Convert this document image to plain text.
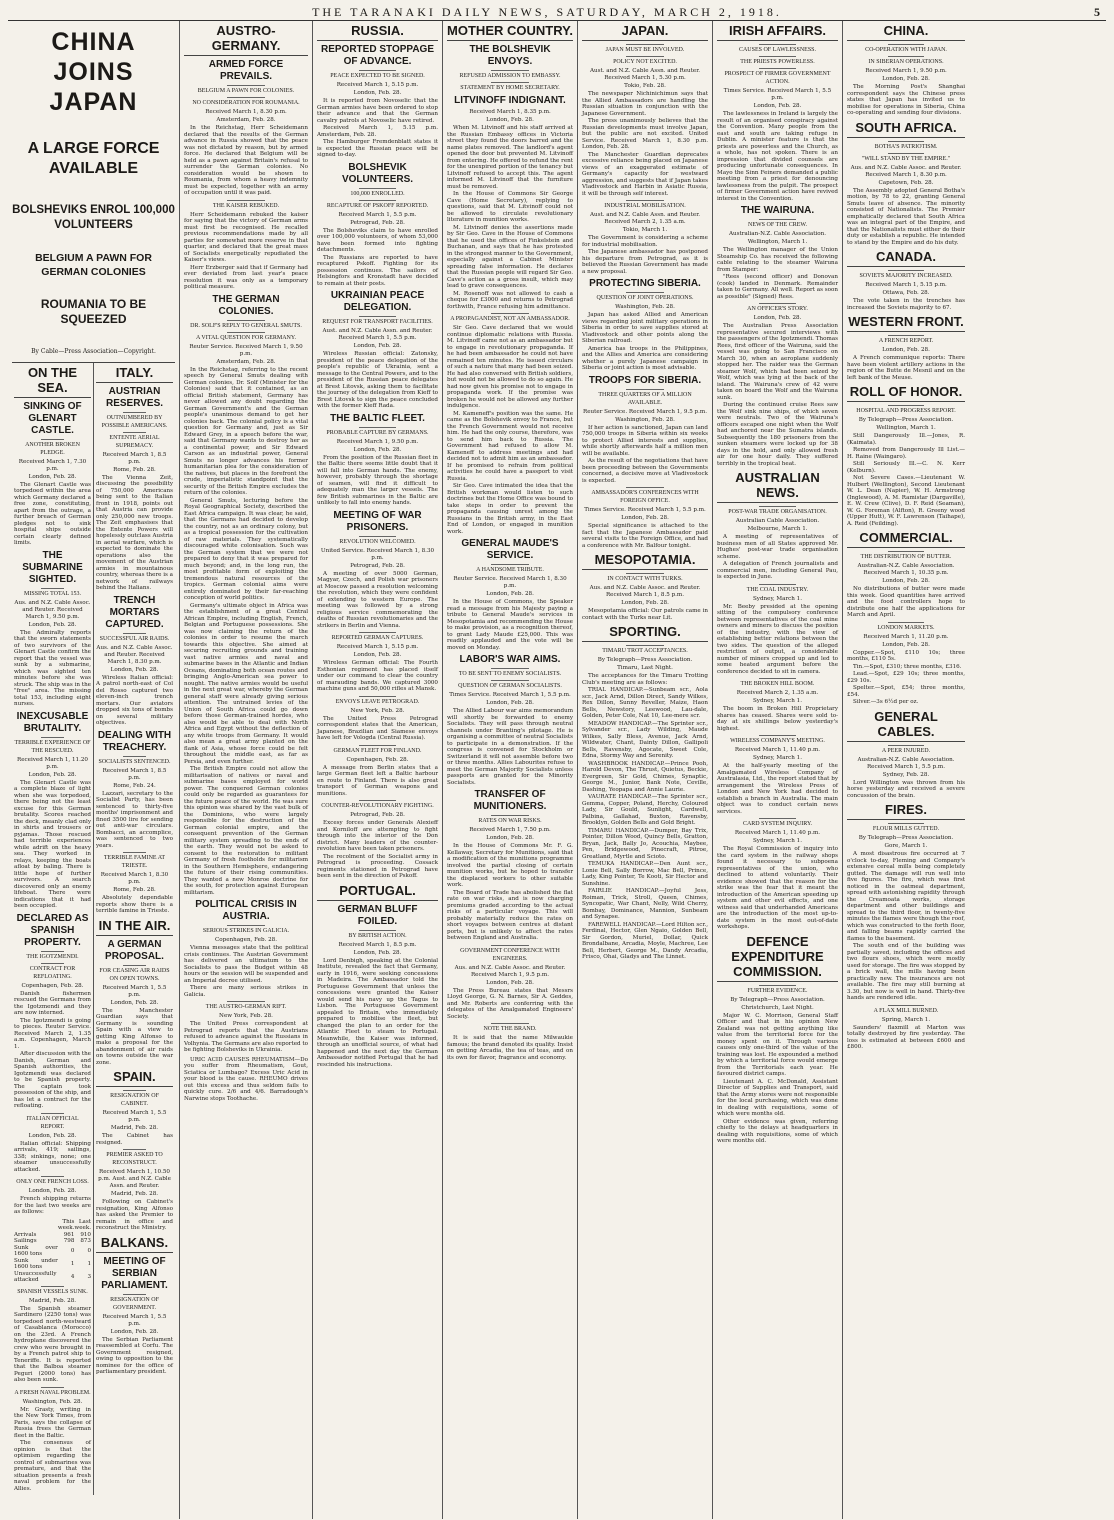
THE TARANAKI DAILY NEWS, SATURDAY, MARCH 2, 1918.	5
CHINA JOINS JAPAN
A LARGE FORCE AVAILABLE
BOLSHEVIKS ENROL 100,000 VOLUNTEERS
BELGIUM A PAWN FOR GERMAN COLONIES
ROUMANIA TO BE SQUEEZED
By Cable—Press Association—Copyright.
ON THE SEA.
SINKING OF GLENART CASTLE.
ANOTHER BROKEN PLEDGE.
Received March 1, 7.30 p.m.
London, Feb. 28.

The Glenart Castle was torpedoed within the area which Germany declared a free zone, constituting, apart from the outrage, a further breach of German pledges not to sink hospital ships outside certain clearly defined limits.

THE SUBMARINE SIGHTED.
MISSING TOTAL 153.
Aus. and N.Z. Cable Assoc. and Reuter. Received March 1, 9.50 p.m.
London, Feb. 28.

The Admiralty reports that the sworn statements of two survivors of the Glenart Castle confirm the report that the vessel was sunk by a submarine, which was sighted ten minutes before she was struck. The ship was in the "free" area. The missing total 153, including eight nurses.

INEXCUSABLE BRUTALITY.
TERRIBLE EXPERIENCE OF THE RESCUED.
Received March 1, 11.20 p.m.
London, Feb. 28.

The Glenart Castle was a complete blaze of light when she was torpedoed, there being not the least excuse for this German brutality. Scores reached the deck, meanly clad only in shirts and trousers or pyjamas. Those rescued had terrible experiences while adrift on the heavy sea. They worked in relays, keeping the boats afloat by baling. There is little hope of further survivors. A search discovered only an enemy lifeboat. There were indications that it had been occupied.

DECLARED AS SPANISH PROPERTY.
THE IGOTZMENDI.
CONTRACT FOR REFLOATING.
Copenhagen, Feb. 28.

Danish fishermen rescued the Germans from the Igotzmendi and they are now interned.

The Igotzmendi is going to pieces. Reuter Service. Received March 2, 1.35 a.m. Copenhagen, March 1.

After discussion with the Danish, German and Spanish authorities, the Igotzmendi was declared to be Spanish property. The captain took possession of the ship, and has let a contract for the refloating.

ITALIAN OFFICIAL REPORT.
London, Feb. 28.

Italian official: Shipping arrivals, 419; sailings, 338; sinkings, none; one steamer unsuccessfully attacked.

ONLY ONE FRENCH LOSS.
London, Feb. 28.

French shipping returns for the last two weeks are as follows:

	This week.	Last week.
Arrivals	961	910
Sailings	798	873
Sunk over 1600 tons	0	0
Sunk under 1600 tons	1	1
Unsuccessfully attacked	4	3
SPANISH VESSELS SUNK.
Madrid, Feb. 28.

The Spanish steamer Sardinero (2250 tons) was torpedoed north-westward of Casablanca (Morocco) on the 23rd. A French hydroplane discovered the crew who were brought in by a French patrol ship to Teneriffe. It is reported that the Balboa steamer Peguri (2000 tons) has also been sunk.

A FRESH NAVAL PROBLEM.
Washington, Feb. 28.

Mr. Grasty, writing in the New York Times, from Paris, says the collapse of Russia frees the German fleet in the Baltic.

The consensus of opinion is that the optimism regarding the control of submarines was premature, and that the situation presents a fresh naval problem for the Allies.

ITALY.
AUSTRIAN RESERVES.
OUTNUMBERED BY POSSIBLE AMERICANS.
ENTENTE AERIAL SUPREMACY.
Received March 1, 8.5 p.m.
Rome, Feb. 28.

The Vienna Zeit, discussing the possibility of 750,000 Americans being sent to the Italian front in 1918, points out that Austria can provide only 250,000 new troops. The Zeit emphasises that the Entente Powers will hopelessly outclass Austria in aerial warfare, which is expected to dominate the operations also the movement of the Austrian armies in mountainous country, whereas there is a network of railways behind the Italians.

TRENCH MORTARS CAPTURED.
SUCCESSFUL AIR RAIDS.
Aus. and N.Z. Cable Assoc. and Reuter. Received March 1, 8.30 p.m.
London, Feb. 28.

Wireless Italian official: A patrol north-east of Col del Rosso captured two eleven-inch trench mortars. Our aviators dropped six tons of bombs on several military objectives.

DEALING WITH TREACHERY.
SOCIALISTS SENTENCED.
Received March 1, 8.5 p.m.
Rome, Feb. 24.

Lazzari, secretary to the Socialist Party, has been sentenced to thirty-five months' imprisonment and fined 3500 lire for sending out anti-war circulars. Bombacci, an accomplice, was sentenced to two years.

TERRIBLE FAMINE AT TRIESTE.
Received March 1, 8.30 p.m.
Rome, Feb. 28.

Absolutely dependable reports show there is a terrible famine in Trieste.

IN THE AIR.
A GERMAN PROPOSAL.
FOR CEASING AIR RAIDS ON OPEN TOWNS.
Received March 1, 5.5 p.m.
London, Feb. 28.

The Manchester Guardian says that Germany is sounding Spain with a view to getting King Alfonso to make a proposal for the abandonment of air raids on towns outside the war zone.

SPAIN.
RESIGNATION OF CABINET.
Received March 1, 5.5 p.m.
Madrid, Feb. 28.

The Cabinet has resigned.

PREMIER ASKED TO RECONSTRUCT.
Received March 1, 10.50 p.m. Aust. and N.Z. Cable Assn. and Reuter.
Madrid, Feb. 28.

Following on Cabinet's resignation, King Alfonso has asked the Premier to remain in office and reconstruct the Ministry.

BALKANS.
MEETING OF SERBIAN PARLIAMENT.
RESIGNATION OF GOVERNMENT.
Received March 1, 5.5 p.m.
London, Feb. 28.

The Serbian Parliament reassembled at Corfu. The Government resigned, owing to opposition to the nominee for the office of parliamentary president.

AUSTRO-GERMANY.
ARMED FORCE PREVAILS.
BELGIUM A PAWN FOR COLONIES.
NO CONSIDERATION FOR ROUMANIA.
Received March 1, 8.30 p.m.
Amsterdam, Feb. 28.

In the Reichstag, Herr Scheidemann declared that the results of the German advance in Russia showed that the peace was not dictated by reason, but by armed force. He declared that Belgium will be held as a pawn against Britain's refusal to surrender the German colonies. No consideration would be shown to Roumania, from whom a heavy indemnity must be expected, together with an army of occupation until it was paid.

THE KAISER REBUKED.

Herr Scheidemann rebuked the kaiser for saying that the victory of German arms must first be recognised. He recalled previous recommendations made by all parties for somewhat more reserve in that quarter, and declared that the great mass of Socialists energetically repudiated the Kaiser's views.

Herr Erzberger said that if Germany had ever deviated from last year's peace resolution it was only as a temporary political measure.

THE GERMAN COLONIES.
DR. SOLF'S REPLY TO GENERAL SMUTS.
A VITAL QUESTION FOR GERMANY.
Reuter Service. Received March 1, 9.50 p.m.
Amsterdam, Feb. 28.

In the Reichstag, referring to the recent speech by General Smuts dealing with German colonies, Dr. Solf (Minister for the Colonies) said that it contained, as an official British statement, Germany has never allowed any doubt regarding the German Government's and the German people's unanimous demand to get her colonies back. The colonial policy is a vital question for Germany and, just as Sir Edward Grey, in a speech before the war, said that Germany wants to destroy her as a continental power, and Sir Edward Carson as an industrial power, General Smuts no longer advances his former humanitarian plea for the consideration of the natives, but places in the forefront the crude, imperialistic standpoint that the security of the British Empire excludes the return of the colonies.

General Smuts, lecturing before the Royal Geographical Society, described the East Africa campaign. It was clear, he said, that the Germans had decided to develop the country, not as an ordinary colony, but as a tropical possession for the cultivation of raw materials. They systematically discouraged white colonisation. Such was the German system that we were not prepared to deny that it was prepared for much beyond; and, in the long run, the most profitable form of exploiting the tremendous natural resources of the tropics. German colonial aims were entirely dominated by their far-reaching conception of world politics.

Germany's ultimate object in Africa was the establishment of a great Central African Empire, including English, French, Belgian and Portuguese possessions. She was now claiming the return of the colonies in order to resume the march towards this objective. She aimed at securing recruiting grounds and training vast native armies and naval and submarine bases in the Atlantic and Indian Oceans, dominating both ocean routes and bringing Anglo-American sea power to nought. The native armies would be useful in the next great war, whereby the German general staff were already giving serious attention. The untrained levies of the Union of South Africa could go down before those German-trained hordes, who also would be able to deal with North Africa and Egypt without the deflection of any white troops from Germany. It would also mean a great army planted on the flank of Asia, whose force could be felt throughout the middle east, as far as Persia, and even further.

The British Empire could not allow the militarisation of natives or naval and submarine bases employed for world power. The conquered German colonies could only be regarded as guarantees for the future peace of the world. He was sure this opinion was shared by the vast bulk of the Dominions, who were largely responsible for the destruction of the German colonial empire, and the consequent prevention of the German military system spreading to the ends of the earth. They would not be asked to consent to the restoration to militant Germany of fresh footholds for militarism in the Southern Hemisphere, endangering the future of their rising communities. They wanted a new Monroe doctrine for the south, for protection against European militarism.

POLITICAL CRISIS IN AUSTRIA.
SERIOUS STRIKES IN GALICIA.
Copenhagen, Feb. 28.

Vienna messages state that the political crisis continues. The Austrian Government has delivered an ultimatum to the Socialists to pass the Budget within 48 hours or the session will be suspended and an Imperial decree utilised.

There are many serious strikes in Galicia.

THE AUSTRO-GERMAN RIFT.
New York, Feb. 28.

The United Press correspondent at Petrograd reports that the Austrians refused to advance against the Russians in Volhynia. The Germans are also reported to be fighting Bolsheviks in Ukrainia.

URIC ACID CAUSES RHEUMATISM—Do you suffer from Rheumatism, Gout, Sciatica or Lumbago? Excess Uric Acid in your blood is the cause. RHEUMO drives out this excess and thus seldom fails to quickly cure. 2/6 and 4/6. Barradough's Narwine stops Toothache.

RUSSIA.
REPORTED STOPPAGE OF ADVANCE.
PEACE EXPECTED TO BE SIGNED.
Received March 1, 5.15 p.m.
London, Feb. 28.

It is reported from Novoselic that the German armies have been ordered to stop their advance and that the German cavalry patrols at Novoselic have retired.

Received March 1, 5.15 p.m. Amsterdam, Feb. 28.

The Hamburger Fremdenblatt states it is expected the Russian peace will be signed to-day.

BOLSHEVIK VOLUNTEERS.
100,000 ENROLLED.
RECAPTURE OF PSKOFF REPORTED.
Received March 1, 5.5 p.m.
Petrograd, Feb. 28.

The Bolsheviks claim to have enrolled over 100,000 volunteers, of whom 53,000 have been formed into fighting detachments.

The Russians are reported to have recaptured Pskoff. Fighting for its possession continues. The sailors of Helsingfors and Kronstadt have decided to remain at their posts.

UKRAINIAN PEACE DELEGATION.
REQUEST FOR TRANSPORT FACILITIES.
Aust. and N.Z. Cable Assn. and Reuter. Received March 1, 5.5 p.m.
London, Feb. 28.

Wireless Russian official: Zatonsky, president of the peace delegation of the people's republic of Ukrainia, sent a message to the Central Powers, and to the president of the Russian peace delegates at Brest Litovsk, asking them to facilitate the journey of the delegation from Kieff to Brest Litovsk to sign the peace concluded with the former Kieff Rada.

THE BALTIC FLEET.
PROBABLE CAPTURE BY GERMANS.
Received March 1, 9.50 p.m.
London, Feb. 28.

From the position of the Russian fleet in the Baltic there seems little doubt that it will fall into German hands. The enemy, however, probably through the shortage of seamen, will find it difficult to adequately man the larger vessels. The few British submarines in the Baltic are unlikely to fall into enemy hands.

MEETING OF WAR PRISONERS.
REVOLUTION WELCOMED.
United Service. Received March 1, 8.30 p.m.
Petrograd, Feb. 28.

A meeting of over 5000 German, Magyar, Czech, and Polish war prisoners at Moscow passed a resolution welcoming the revolution, which they were confident of extending to western Europe. The meeting was followed by a strong religious service commemorating the deaths of Russian revolutionaries and the strikers in Berlin and Vienna.

REPORTED GERMAN CAPTURES.
Received March 1, 5.15 p.m.
London, Feb. 28.

Wireless German official: The Fourth Esthonian regiment has placed itself under our command to clear the country of marauding bands. We captured 3000 machine guns and 50,000 rifles at Mansk.

ENVOYS LEAVE PETROGRAD.
New York, Feb. 28.

The United Press Petrograd correspondent states that the American, Japanese, Brazilian and Siamese envoys have left for Vologda (Central Russia).

GERMAN FLEET FOR FINLAND.
Copenhagen, Feb. 28.

A message from Berlin states that a large German fleet left a Baltic harbour en route to Finland. There is also great transport of German weapons and munitions.

COUNTER-REVOLUTIONARY FIGHTING.
Petrograd, Feb. 28.

Excesy forces under Generals Alexieff and Korniloff are attempting to fight through into the interior of the Don district. Many leaders of the counter-revolution have been taken prisoners.

The recolment of the Socialist army in Petrograd is proceeding. Cossack regiments stationed in Petrograd have been sent in the direction of Pskoff.

PORTUGAL.
GERMAN BLUFF FOILED.
BY BRITISH ACTION.
Received March 1, 8.5 p.m.
London, Feb. 28.

Lord Denbigh, speaking at the Colonial Institute, revealed the fact that Germany, early in 1916, were seeking concessions in Madeira. The Ambassador told the Portuguese Government that unless the concessions were granted the Kaiser would send his navy up the Tagus to Lisbon. The Portuguese Government appealed to Britain, who immediately prepared to mobilise the fleet, but changed the plan to an order for the Atlantic Fleet to steam to Portugal. Meanwhile, the Kaiser was informed, through an unofficial source, of what had happened and the next day the German Ambassador notified Portugal that he had rescinded his instructions.

MOTHER COUNTRY.
THE BOLSHEVIK ENVOYS.
REFUSED ADMISSION TO EMBASSY.
STATEMENT BY HOME SECRETARY.
LITVINOFF INDIGNANT.
Received March 1, 8.35 p.m.
London, Feb. 28.

When M. Litvinoff and his staff arrived at the Russian Embassy offices in Victoria street they found the doors barred and the name plates removed. The landlord's agent opened the door but prevented M. Litvinoff from entering. He offered to refund the rent for the unexpired portion of the tenancy but Litvinoff refused to accept this. The agent informed M. Litvinoff that the furniture must be removed.

In the House of Commons Sir George Cave (Home Secretary), replying to questions, said that M. Litvinoff could not be allowed to circulate revolutionary literature in munition works.

M. Litvinoff denies the assertions made by Sir Geo. Cave in the House of Commons that he used the offices of Finkelstein and Buchanan, and says that he has protested in the strongest manner to the Government, especially against a Cabinet Minister spreading false information. He declares that the Russian people will regard Sir Geo. Cave's action as a gross insult, which may lead to grave consequences.

M. Rosenoff was not allowed to cash a cheque for £3000 and returns to Petrograd forthwith, France refusing him admittance.

A PROPAGANDIST, NOT AN AMBASSADOR.

Sir Geo. Cave declared that we would continue diplomatic relations with Russia. M. Litvinoff came not as an ambassador but to engage in revolutionary propaganda. If he had been ambassador he could not have remained ten minutes. He issued circulars of such a nature that many had been seized. He had also conversed with British soldiers, but would not be allowed to do so again. He had now given his promise not to engage in propaganda work. If the promise was broken he would not be allowed any further indulgence.

M. Kameneff's position was the same. He came as the Bolshevik envoy to France, but the French Government would not receive him. He had the only course, therefore, was to send him back to Russia. The Government had refused to allow M. Kameneff to address meetings and had decided not to admit him as an ambassador. If he promised to refrain from political activities he could have a passport to visit Russia.

Sir Geo. Cave intimated the idea that the British workman would listen to such doctrines but the Home Office was bound to take steps in order to prevent the propaganda causing unrest among the Russians in the British army, in the East End of London, or engaged in munition work.

GENERAL MAUDE'S SERVICE.
A HANDSOME TRIBUTE.
Reuter Service. Received March 1, 8.30 p.m.
London, Feb. 28.

In the House of Commons, the Speaker read a message from his Majesty paying a tribute to General Maude's services in Mesopotamia and recommending the House to make provision, as a recognition thereof, to grant Lady Maude £25,000. This was readily applauded and the vote will be moved on Monday.

LABOR'S WAR AIMS.
TO BE SENT TO ENEMY SOCIALISTS.
QUESTION OF GERMAN SOCIALISTS.
Times Service. Received March 1, 5.5 p.m.
London, Feb. 28.

The Allied Labour war aims memorandum will shortly be forwarded to enemy Socialists. They will pass through neutral channels under Branting's pilotage. He is organising a committee of neutral Socialists to participate in a demonstration. If the congress is convened for Stockholm or Switzerland it will not assemble before two or three months. Allies Labourites refuse to meet the German Majority Socialists unless passports are granted for the Minority Socialists.

TRANSFER OF MUNITIONERS.
RATES ON WAR RISKS.
Received March 1, 7.50 p.m.
London, Feb. 28.

In the House of Commons Mr. F. G. Kellaway, Secretary for Munitions, said that a modification of the munitions programme involved the partial closing of certain munition works, but he hoped to transfer the displaced workers to other suitable work.

The Board of Trade has abolished the flat rate on war risks, and is now charging premiums graded according to the actual risks of a particular voyage. This will probably materially reduce the rates on short voyages between centres at distant ports, but is unlikely to affect the rates between England and Australia.

GOVERNMENT CONFERENCE WITH ENGINEERS.
Aus. and N.Z. Cable Assoc. and Reuter. Received March 1, 9.5 p.m.
London, Feb. 28.

The Press Bureau states that Messrs Lloyd George, G. N. Barnes, Sir A. Geddes, and Mr. Roberts are conferring with the delegates of the Amalgamated Engineers' Society.

NOTE THE BRAND.

It is said that the name Milwaukie famous; the brand denoted its quality. Insist on getting Arcadia, the tea of teas, and on its own for flavor, fragrance and economy.

JAPAN.
JAPAN MUST BE INVOLVED.
POLICY NOT EXCITED.
Aust. and N.Z. Cable Assn. and Reuter. Received March 1, 5.30 p.m.
Tokio, Feb. 28.

The newspaper Nichinichimun says that the Allied Ambassadors are handling the Russian situation in conjunction with the Japanese Government.

The press unanimously believes that the Russian developments must involve Japan, but the public are not excited. United Service. Received March 1, 8.30 p.m. London, Feb. 28.

The Manchester Guardian deprecates excessive reliance being placed on Japanese views of an exaggerated estimate of Germany's capacity for westward aggression, and suggests that if Japan takes Vladivostock and Harbin in Asiatic Russia, it will be through self interest.

INDUSTRIAL MOBILISATION.
Aust. and N.Z. Cable Assn. and Reuter. Received March 2, 1.35 a.m.
Tokio, March 1.

The Government is considering a scheme for industrial mobilisation.

The Japanese ambassador has postponed his departure from Petrograd, as it is believed the Russian Government has made a new proposal.

PROTECTING SIBERIA.
QUESTION OF JOINT OPERATIONS.
Washington, Feb. 28.

Japan has asked Allied and American views regarding joint military operations in Siberia in order to save supplies stored at Vladivostock and other points along the Siberian railroad.

America has troops in the Philippines, and the Allies and America are considering whether a purely Japanese campaign in Siberia or joint action is most advisable.

TROOPS FOR SIBERIA.
THREE QUARTERS OF A MILLION AVAILABLE.
Reuter Service. Received March 1, 9.5 p.m.
Washington, Feb. 28.

If her action is sanctioned, Japan can land 750,000 troops in Siberia within six weeks to protect Allied interests and supplies, while shortly afterwards half a million men will be available.

As the result of the negotiations that have been proceeding between the Governments concerned, a decisive move at Vladivostock is expected.

AMBASSADOR'S CONFERENCES WITH FOREIGN OFFICE.
Times Service. Received March 1, 5.5 p.m.
London, Feb. 28.

Special significance is attached to the fact that the Japanese Ambassador paid several visits to the Foreign Office, and had a conference with Mr. Balfour tonight.

MESOPOTAMIA.
IN CONTACT WITH TURKS.
Aus. and N.Z. Cable Assoc. and Reuter. Received March 1, 8.5 p.m.
London, Feb. 28.

Mesopotamia official: Our patrols came in contact with the Turks near Lit.

SPORTING.
TIMARU TROT ACCEPTANCES.
By Telegraph—Press Association.
Timaru, Last Night.

The acceptances for the Timaru Trotting Club's meeting are as follows:

TRIAL HANDICAP.—Sunbeam scr., Aola scr., Jack Arnd, Dillon Direct, Sandy Wilkes, Rex Dillon, Sunny Reveller, Maize, Haon Bells, Newstory, Leewood, Lau-dale, Golden, Peter Cole, Nat 10, Lee-mere scr.

MEADOW HANDICAP.—The Sprinter scr., Sylvander scr., Lady Wilding, Maude Wilkes, Sally Bless, Avenue, Jack Arnd, Wildwater, Chant, Dainty Dillon, Gallipoli Bells, Ravensby, Agocate, Sweet Cole, Edna, Stormy Way and Serenity.

WASHBROOK HANDICAP.—Prince Pooh, Harold Devon, The Thrust, Quietus, Beckie, Evergreen, Sir Gold, Chimes, Synaptic, George M., Junior, Bank Note, Ceville, Dashing, Yeopapa and Annie Laurie.

VAURATE HANDICAP.—The Sprinter scr., Gemma, Copper, Poland, Herchy, Coloured Lady, Sir Gould, Sunlight, Cardwell, Palbina, Gallahad, Buxton, Ravensby, Brooklyn, Golden Bells and Gold Bright.

TIMARU HANDICAP.—Dumper, Bay Trix, Pointer, Dillon Wood, Quincy Bells, Gratton, Bryan, Jack, Bally Jo, Acouchia, Maybee, Pen, Bridgewood, Pinecraft, Pitroe, Greatland, Myrtle and Scioto.

TEMUKA HANDICAP.—Den Aunt scr., Lonie Bell, Sally Borrow, Mac Bell, Prince, Lady, King Pointer, Te Kooti, Sir Hector and Sunshine.

FAIRLIE HANDICAP.—Joyful Jess, Roiman, Trick, Stroll, Queen, Chimes, Syncopatic, War Chant, Nelly, Wild Cherry, Bombay, Dominance, Mannion, Sunbeam and Synapse.

FAREWELL HANDICAP.—Lord Hilton scr., Ferdinal, Hector, Glen Ngaio, Golden Bell, Sir Gordon, Muriel, Dollar, Quick Brondalbane, Arcadia, Moyle, Machree, Lee Bell, Herbert, George M., Dandy Arcadia, Frisco, Ohai, Gladys and The Linnet.

IRISH AFFAIRS.
CAUSES OF LAWLESSNESS.
THE PRIESTS POWERLESS.
PROSPECT OF FIRMER GOVERNMENT ACTION.
Times Service. Received March 1, 5.5 p.m.
London, Feb. 28.

The lawlessness in Ireland is largely the result of an organised conspiracy against the Convention. Many people from the east and south are taking refuge in Dublin. A minister feature is that the priests are powerless and the Church, as a whole, has not spoken. There is an impression that divided counsels are producing unfortunate consequences. In Mayo the Sinn Feiners demanded a public meeting from a priest for denouncing lawlessness from the pulpit. The prospect of firmer Government action have revived interest in the Convention.

THE WAIRUNA.
NEWS OF THE CREW.
Australian-N.Z. Cable Association.
Wellington, March 1.

The Wellington manager of the Union Steamship Co. has received the following cable relating to the steamer Wairuna from Stamper:

"Rees (second officer) and Donovan (cook) landed in Denmark. Remainder taken to Germany. All well. Report as soon as possible" (Signed) Rees.

AN OFFICER'S STORY.
London, Feb. 28.

The Australian Press Association representative secured interviews with the passengers of the Igotzmendi. Thomas Rees, first officer of the Wairuna, said the vessel was going to San Francisco on March 30, when an aeroplane suddenly stopped her. The raider was the German steamer Wolf, which had been seized by Wolf, which was lying at the back of the island. The Wairuna's crew of 42 were taken on board the Wolf and the Wairuna sunk.

During the continued cruise Rees saw the Wolf sink nine ships, of which seven were neutrals. Two of the Wairuna's officers escaped one night when the Wolf had anchored near the Sumatra islands. Subsequently the 180 prisoners from the sunken steamers were locked up for 38 days in the hold, and only allowed fresh air for one hour daily. They suffered terribly in the tropical heat.

AUSTRALIAN NEWS.
POST-WAR TRADE ORGANISATION.
Australian Cable Association.
Melbourne, March 1.

A meeting of representatives of business men of all States approved Mr. Hughes' post-war trade organisation scheme.

A delegation of French journalists and commercial men, including General Pau, is expected in June.

THE COAL INDUSTRY.
Sydney, March 1.

Mr. Beeby presided at the opening sitting of the compulsory conference between representatives of the coal mine owners and miners to discuss the position of the industry, with the view of establishing better relations between the two sides. The question of the alleged restriction of output, a considerable number of miners cropped up and led to some heated argument before the conference decided to sit in camera.

THE BROKEN HILL BOOM.
Received March 2, 1.35 a.m.
Sydney, March 1.

The boom in Broken Hill Proprietary shares has ceased. Shares were sold to-day at six shillings below yesterday's highest.

WIRELESS COMPANY'S MEETING.
Received March 1, 11.40 p.m.
Sydney, March 1.

At the half-yearly meeting of the Amalgamated Wireless Company of Australasia, Ltd., the report stated that by arrangement the Wireless Press of London and New York had decided to establish a branch in Australia. The main object was to conduct certain news services.

CARD SYSTEM INQUIRY.
Received March 1, 11.40 p.m.
Sydney, March 1.

The Royal Commission of inquiry into the card system in the railway shops found it necessary to subpoena representatives of the union, who declined to attend voluntarily. Their evidence showed that the reason for the strike was the fear that it meant the introduction of the American speeding up system and other evil effects, and one witness said that underhanded Americans are the introduction of the most up-to-date system in the most out-of-date workshops.

DEFENCE EXPENDITURE COMMISSION.
FURTHER EVIDENCE.
By Telegraph—Press Association.
Christchurch, Last Night.

Major W. C. Morrison, General Staff Officer and that in his opinion New Zealand was not getting anything like value from the territorial force for the money spent on it. Through various causes only one-third of the value of the training was lost. He expounded a method by which a territorial force would emerge from the Territorials each year. He favoured district camps.

Lieutenant A. C. McDonald, Assistant Director of Supplies and Transport, said that the Army stores were not responsible for the local purchasing, which was done in dealing with requisitions, some of which were months old.

Other evidence was given, referring chiefly to the delays at headquarters in dealing with requisitions, some of which were months old.

CHINA.
CO-OPERATION WITH JAPAN.
IN SIBERIAN OPERATIONS.
Received March 1, 9.50 p.m.
London, Feb. 28.

The Morning Post's Shanghai correspondent says the Chinese press states that Japan has invited us to mobilise for operations in Siberia, China co-operating and sending four divisions.

SOUTH AFRICA.
BOTHA'S PATRIOTISM.
"WILL STAND BY THE EMPIRE."
Aus. and N.Z. Cable Assoc. and Reuter. Received March 1, 8.30 p.m.
Capetown, Feb. 28.

The Assembly adopted General Botha's motion, by 78 to 22, granting General Smuts leave of absence. The minority consisted of Nationalists. The Premier emphatically declared that South Africa was an integral part of the Empire, and that the Nationalists must either do their duty or establish a republic. He intended to stand by the Empire and do his duty.

CANADA.
SOVIETS MAJORITY INCREASED.
Received March 1, 5.15 p.m.
Ottawa, Feb. 28.

The vote taken in the trenches has increased the Soviets majority to 67.

WESTERN FRONT.
A FRENCH REPORT.
London, Feb. 28.

A French communique reports: There have been violent artillery actions in the region of the Butte de Mesnil and on the left bank of the Meuse.

ROLL OF HONOR.
HOSPITAL AND PROGRESS REPORT.
By Telegraph—Press Association.
Wellington, March 1.

Still Dangerously Ill.—Jones, R. (Kaimata).

Removed from Dangerously Ill List.—H. Raine (Waingaro).

Still Seriously Ill.—C. N. Kerr (Kelburn).

Not Severe Cases.—Lieutenant W. Hulbert (Wellington), Second Lieutenant W. L. Dean (Napier), W. H. Armstrong (Inglewood), A. M. Ramistar (Dargaville), E. W. Crew (Clive), D. F. Reid (Seaman), W. G. Foreman (Alfton), R. Greeny wood (Upper Hutt), W. F. Lawrenson (Taihape), A. Reid (Feilding).

COMMERCIAL.
THE DISTRIBUTION OF BUTTER.
Australian-N.Z. Cable Association. Received March 1, 10.35 p.m.
London, Feb. 28.

No distributions of butter were made this week. Good quantities have arrived and the food controllers hope to distribute one half the applications for March and April.

LONDON MARKETS.
Received March 1, 11.20 p.m.
London, Feb. 28.

Copper.—Spot, £110 10s; three months, £110 5s.

Tin.—Spot, £310; three months, £316.

Lead.—Spot, £29 10s; three months, £29 10s.

Spelter.—Spot, £54; three months, £54.

Silver.—3s 6½d per oz.

GENERAL CABLES.
A PEER INJURED.
Australian-N.Z. Cable Association. Received March 1, 5.5 p.m.
Sydney, Feb. 28.

Lord Willington was thrown from his horse yesterday and received a severe concussion of the brain.

FIRES.
FLOUR MILLS GUTTED.
By Telegraph—Press Association.
Gore, March 1.

A most disastrous fire occurred at 7 o'clock to-day, Fleming and Company's extensive cereal mills being completely gutted. The damage will run well into five figures. The fire, which was first noticed in the oatmeal department, spread with astonishing rapidity through the Creamoata works, storage department and other buildings and spread to the third floor, in twenty-five minutes the flames were though the roof, which was constructed to the forth floor, and falling beams rapidly carried the flames to the basement.

The south end of the building was partially saved, including the offices and two flours shoes, which were mostly used for storage. The fire was stopped by a brick wall, the mills having been practically new. The insurances are not available. The fire may still burning at 3.30, but now is well in hand. Thirty-five hands are rendered idle.

A FLAX MILL BURNED.
Spring, March 1.

Saunders' flaxmill at Marton was totally destroyed by fire yesterday. The loss is estimated at between £600 and £800.
